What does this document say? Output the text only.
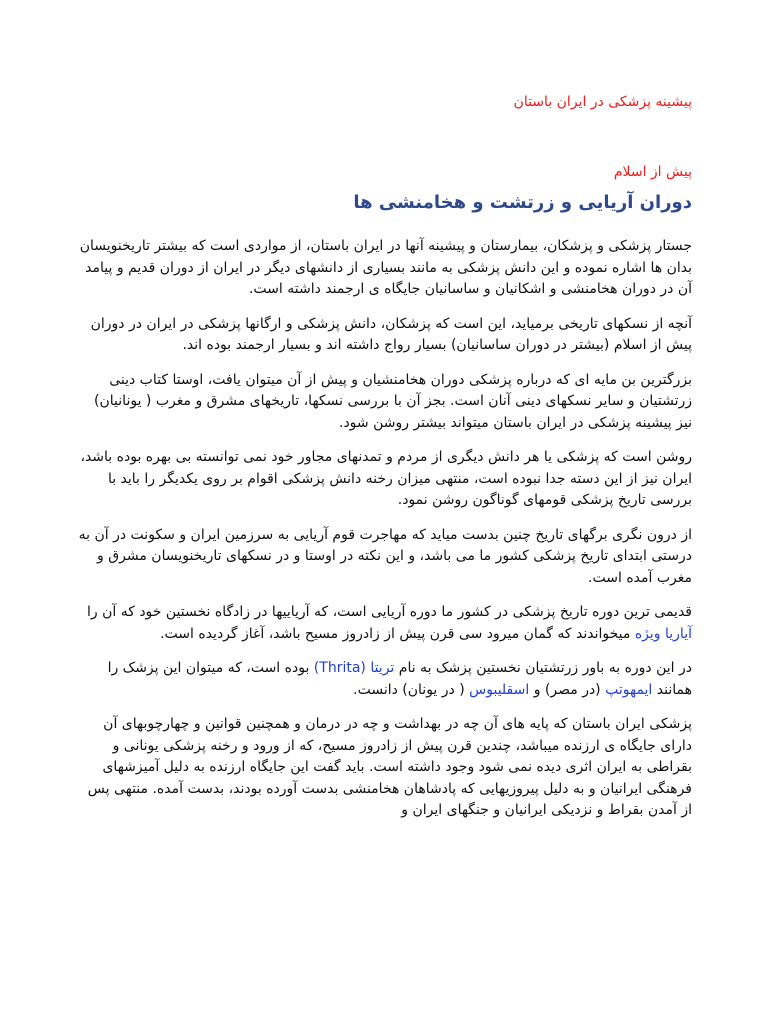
پیشینه پزشکی در ایران باستان
پیش از اسلام
دوران آریایی و زرتشت و هخامنشی ها

جستار پزشکی و پزشکان، بیمارستان و پیشینه آنها در ایران باستان، از مواردی است که بیشتر تاریخنویسان بدان ها اشاره نموده و این دانش پزشکی به مانند بسیاری از دانشهای دیگر در ایران از دوران قدیم و پیامد آن در دوران هخامنشی و اشکانیان و ساسانیان جایگاه ی ارجمند داشته است.

آنچه از نسکهای تاریخی برمیاید، این است که پزشکان، دانش پزشکی و ارگانها پزشکی در ایران در دوران پیش از اسلام (بیشتر در دوران ساسانیان) بسیار رواج داشته اند و بسیار ارجمند بوده اند.

بزرگترین بن مایه ای که درباره پزشکی دوران هخامنشیان و پیش از آن میتوان یافت، اوستا کتاب دینی زرتشتیان و سایر نسکهای دینی آنان است. بجز آن با بررسی نسکها، تاریخهای مشرق و مغرب ( یونانیان) نیز پیشینه پزشکی در ایران باستان میتواند بیشتر روشن شود.

روشن است که پزشکی یا هر دانش دیگری از مردم و تمدنهای مجاور خود نمی توانسته بی بهره بوده باشد، ایران نیز از این دسته جدا نبوده است، منتهی میزان رخنه دانش پزشکی اقوام بر روی یکدیگر را باید با بررسی تاریخ پزشکی قومهای گوناگون روشن نمود.

از درون نگری برگهای تاریخ چنین بدست میاید که مهاجرت قوم آریایی به سرزمین ایران و سکونت در آن به درستی ابتدای تاریخ پزشکی کشور ما می باشد، و این نکته در اوستا و در نسکهای تاریخنویسان مشرق و مغرب آمده است.

قدیمی ترین دوره تاریخ پزشکی در کشور ما دوره آریایی است، که آریاییها در زادگاه نخستین خود که آن را آیاریا ویژه میخواندند که گمان میرود سی قرن پیش از زادروز مسیح باشد، آغاز گردیده است.

در این دوره به باور زرتشتیان نخستین پزشک به نام تریتا (Thrita) بوده است، که میتوان این پزشک را همانند ایمهوتپ (در مصر) و اسقلیبوس ( در یونان) دانست.

پزشکی ایران باستان که پایه های آن چه در بهداشت و چه در درمان و همچنین قوانین و چهارچوبهای آن دارای جایگاه ی ارزنده میباشد، چندین قرن پیش از زادروز مسیح، که از ورود و رخنه پزشکی یونانی و بقراطی به ایران اثری دیده نمی شود وجود داشته است. باید گفت این جایگاه ارزنده به دلیل آمیزشهای فرهنگی ایرانیان و به دلیل پیروزیهایی که پادشاهان هخامنشی بدست آورده بودند، بدست آمده. منتهی پس از آمدن بقراط و نزدیکی ایرانیان و جنگهای ایران و
